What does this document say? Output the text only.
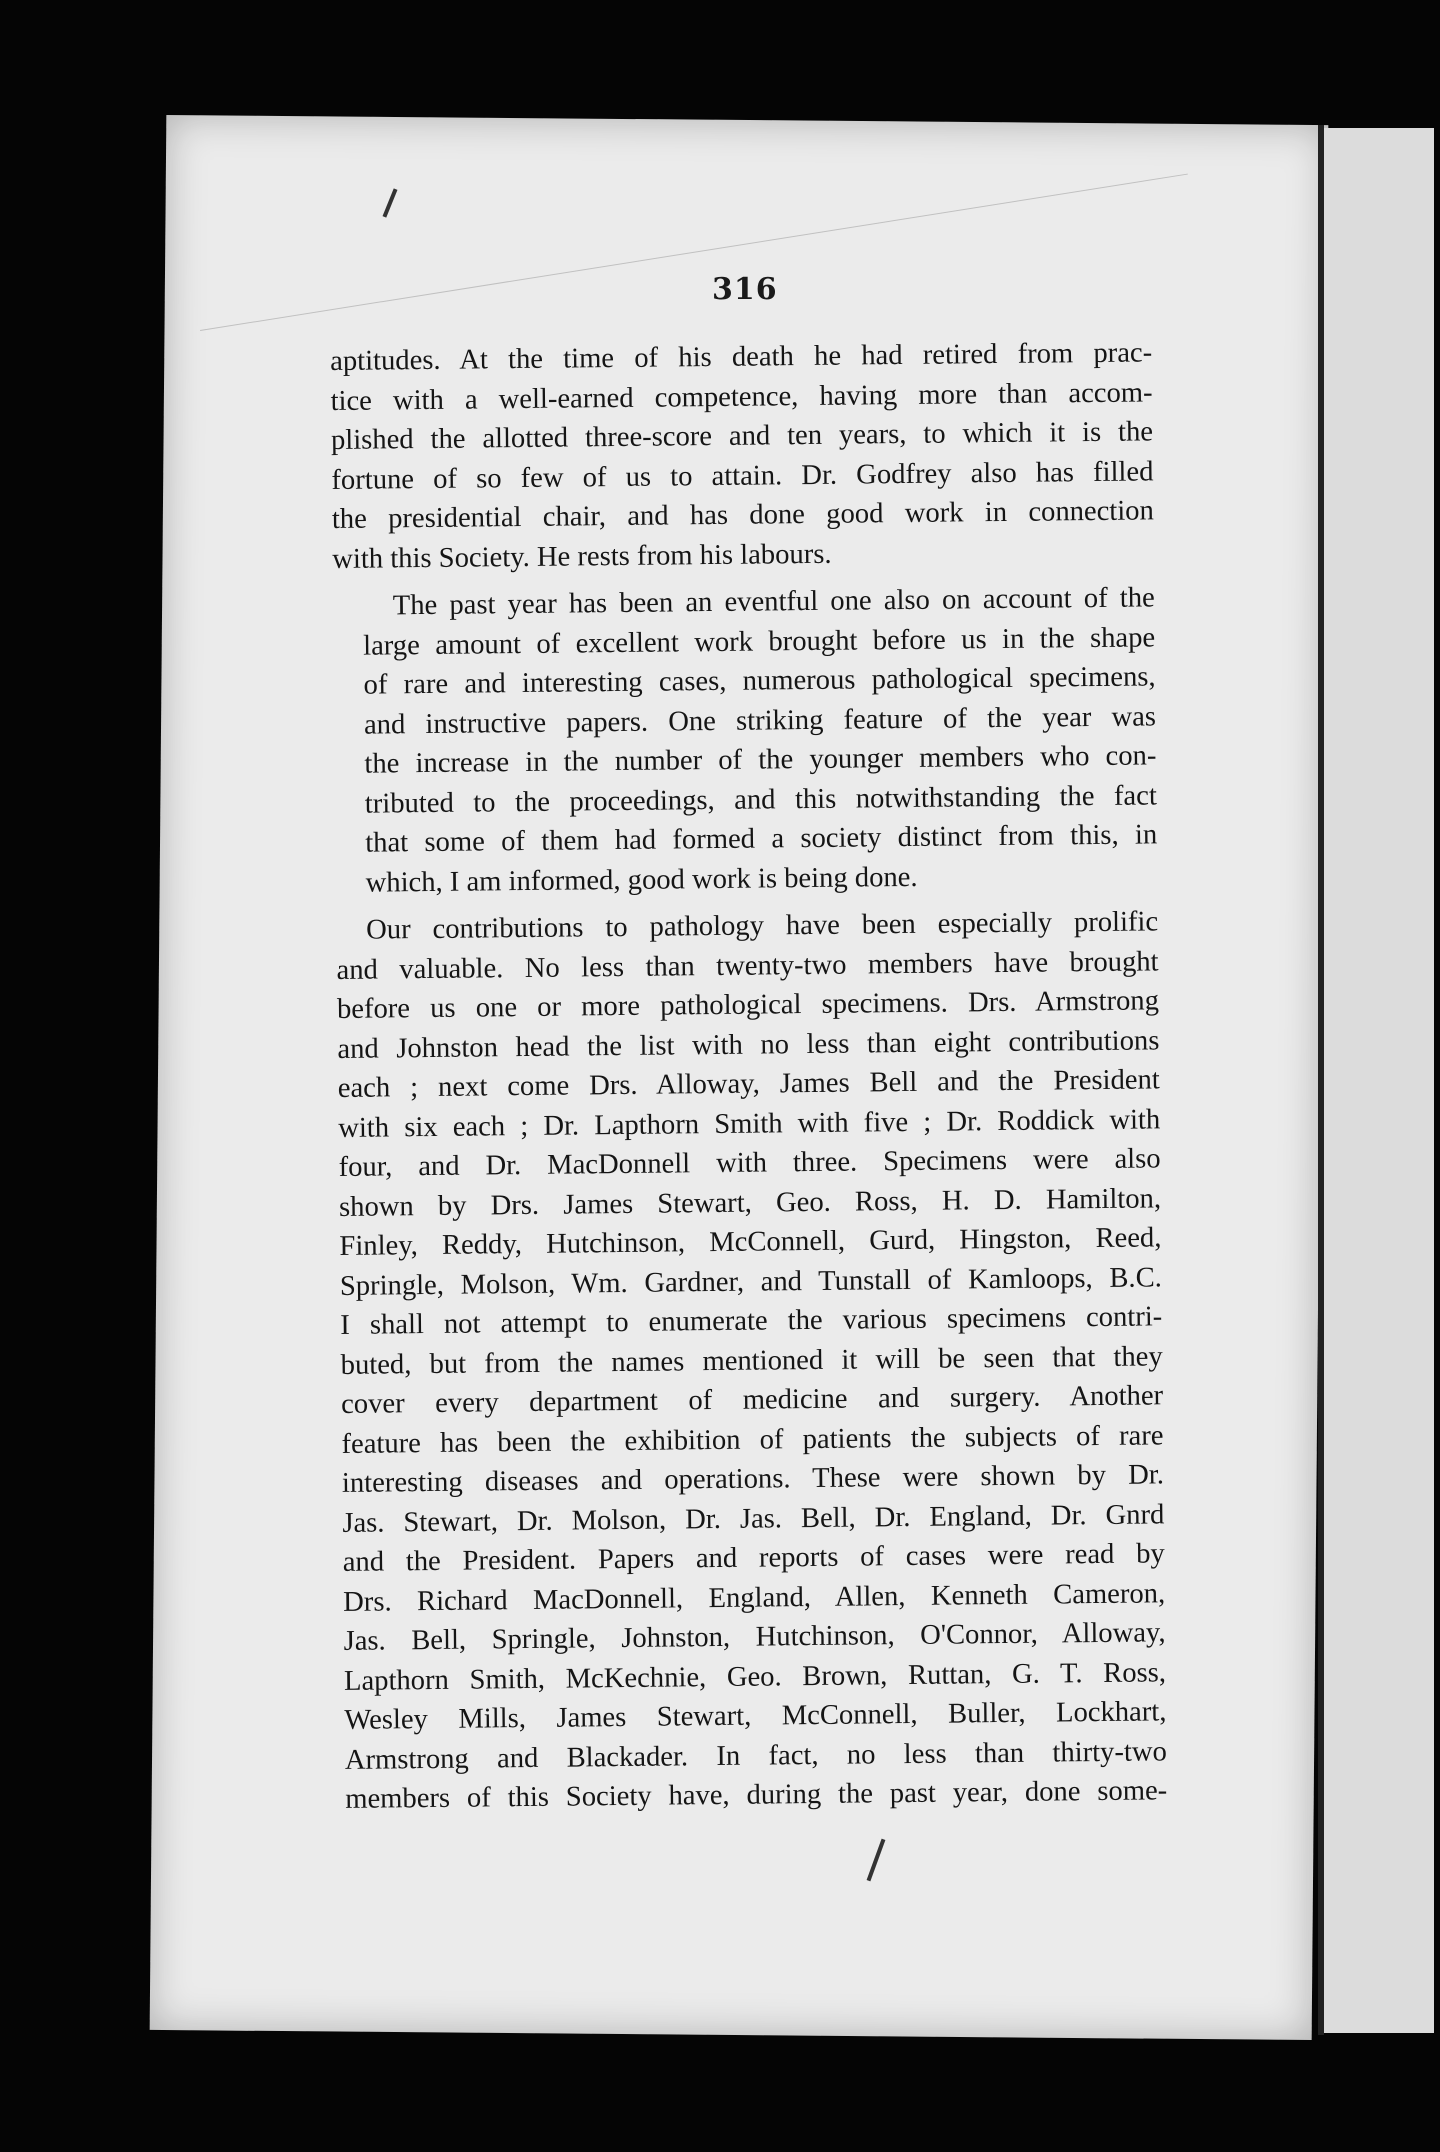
316
aptitudes. At the time of his death he had retired from prac-
tice with a well-earned competence, having more than accom-
plished the allotted three-score and ten years, to which it is the
fortune of so few of us to attain. Dr. Godfrey also has filled
the presidential chair, and has done good work in connection
with this Society. He rests from his labours.
The past year has been an eventful one also on account of the
large amount of excellent work brought before us in the shape
of rare and interesting cases, numerous pathological specimens,
and instructive papers. One striking feature of the year was
the increase in the number of the younger members who con-
tributed to the proceedings, and this notwithstanding the fact
that some of them had formed a society distinct from this, in
which, I am informed, good work is being done.
Our contributions to pathology have been especially prolific
and valuable. No less than twenty-two members have brought
before us one or more pathological specimens. Drs. Armstrong
and Johnston head the list with no less than eight contributions
each ; next come Drs. Alloway, James Bell and the President
with six each ; Dr. Lapthorn Smith with five ; Dr. Roddick with
four, and Dr. MacDonnell with three. Specimens were also
shown by Drs. James Stewart, Geo. Ross, H. D. Hamilton,
Finley, Reddy, Hutchinson, McConnell, Gurd, Hingston, Reed,
Springle, Molson, Wm. Gardner, and Tunstall of Kamloops, B.C.
I shall not attempt to enumerate the various specimens contri-
buted, but from the names mentioned it will be seen that they
cover every department of medicine and surgery. Another
feature has been the exhibition of patients the subjects of rare
interesting diseases and operations. These were shown by Dr.
Jas. Stewart, Dr. Molson, Dr. Jas. Bell, Dr. England, Dr. Gnrd
and the President. Papers and reports of cases were read by
Drs. Richard MacDonnell, England, Allen, Kenneth Cameron,
Jas. Bell, Springle, Johnston, Hutchinson, O'Connor, Alloway,
Lapthorn Smith, McKechnie, Geo. Brown, Ruttan, G. T. Ross,
Wesley Mills, James Stewart, McConnell, Buller, Lockhart,
Armstrong and Blackader. In fact, no less than thirty-two
members of this Society have, during the past year, done some-
